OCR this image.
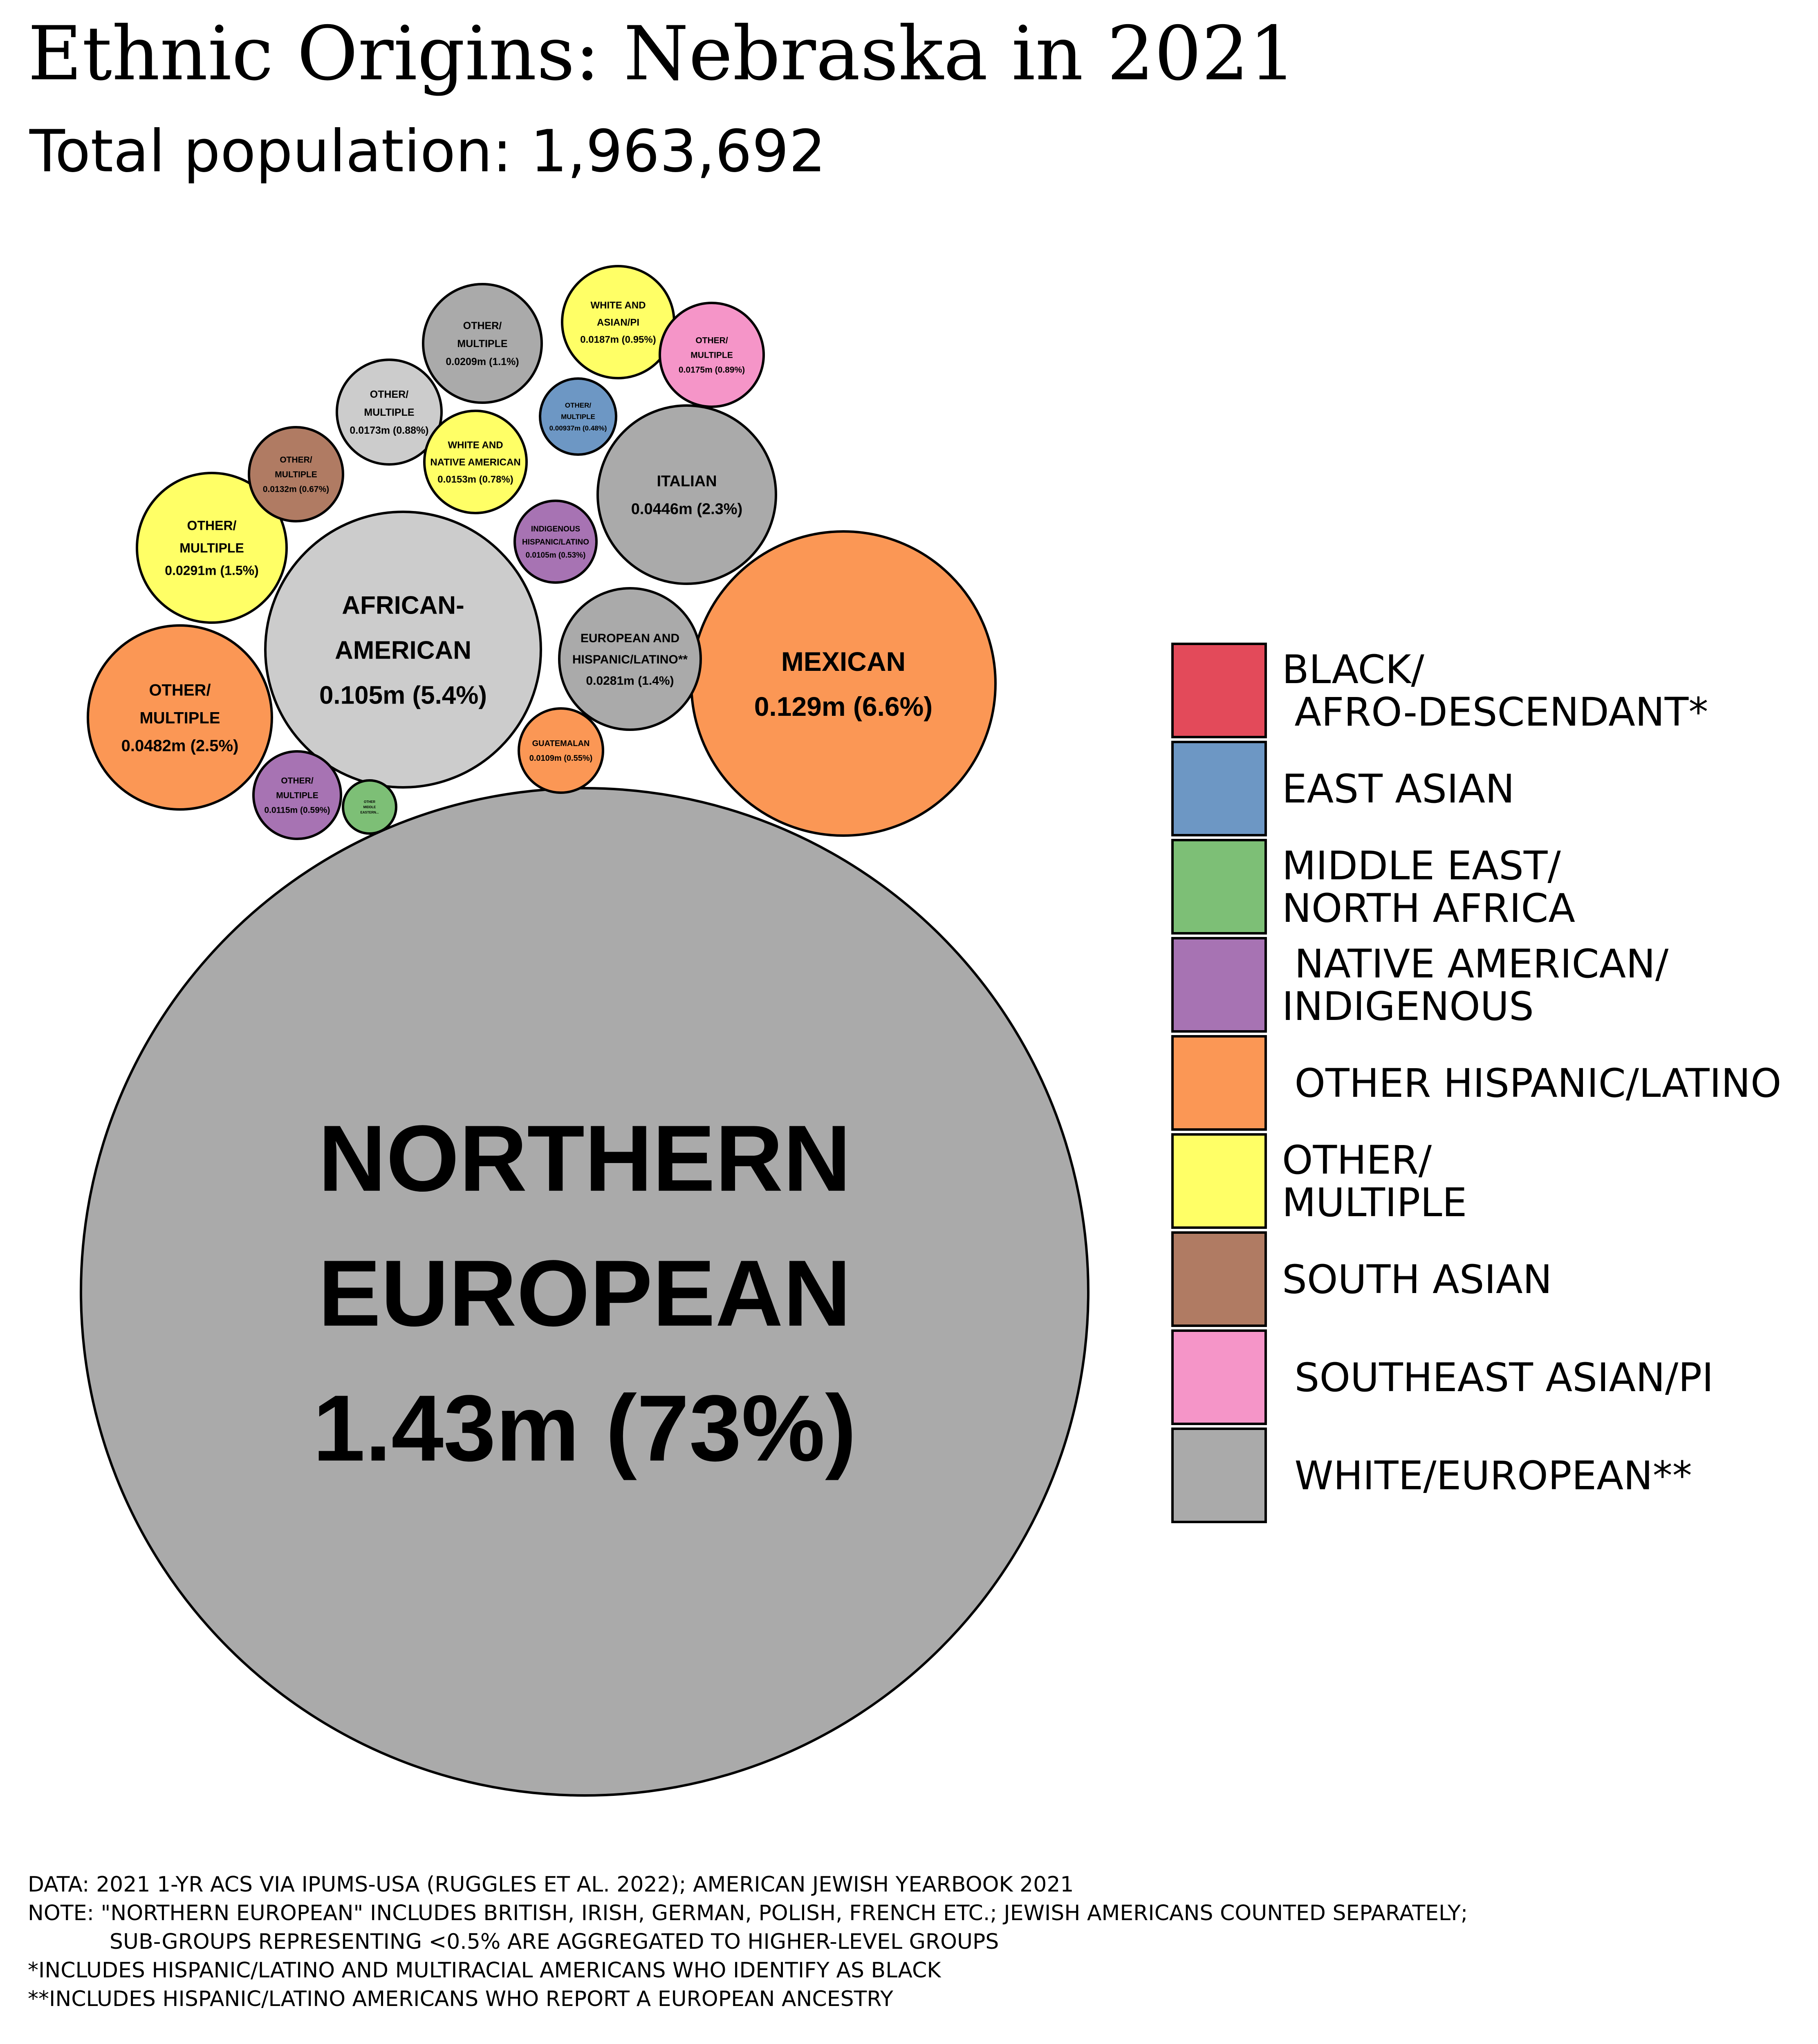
Ethnic Origins: Nebraska in 2021
Total population: 1,963,692
NORTHERN
EUROPEAN
1.43m (73%)
MEXICAN
0.129m (6.6%)
AFRICAN-
AMERICAN
0.105m (5.4%)
OTHER/
MULTIPLE
0.0482m (2.5%)
ITALIAN
0.0446m (2.3%)
OTHER/
MULTIPLE
0.0291m (1.5%)
EUROPEAN AND
HISPANIC/LATINO**
0.0281m (1.4%)
OTHER/
MULTIPLE
0.0209m (1.1%)
WHITE AND
ASIAN/PI
0.0187m (0.95%)	OTHER/
MULTIPLE
0.0175m (0.89%)
OTHER/
MULTIPLE
0.0173m (0.88%)
WHITE AND
NATIVE AMERICAN
0.0153m (0.78%)
OTHER/
MULTIPLE
0.0132m (0.67%)
OTHER/
MULTIPLE
0.0115m (0.59%)
GUATEMALAN
0.0109m (0.55%)
INDIGENOUS
HISPANIC/LATINO
0.0105m (0.53%)
OTHER/
MULTIPLE
0.00937m (0.48%)
OTHER
MIDDLE
EASTERN...
BLACK/
AFRO-DESCENDANT*
EAST ASIAN
MIDDLE EAST/
NORTH AFRICA
NATIVE AMERICAN/
INDIGENOUS
OTHER HISPANIC/LATINO
OTHER/
MULTIPLE
SOUTH ASIAN
SOUTHEAST ASIAN/PI
WHITE/EUROPEAN**
DATA: 2021 1-YR ACS VIA IPUMS-USA (RUGGLES ET AL. 2022); AMERICAN JEWISH YEARBOOK 2021
NOTE: "NORTHERN EUROPEAN" INCLUDES BRITISH, IRISH, GERMAN, POLISH, FRENCH ETC.; JEWISH AMERICANS COUNTED SEPARATELY;
SUB-GROUPS REPRESENTING <0.5% ARE AGGREGATED TO HIGHER-LEVEL GROUPS
*INCLUDES HISPANIC/LATINO AND MULTIRACIAL AMERICANS WHO IDENTIFY AS BLACK
**INCLUDES HISPANIC/LATINO AMERICANS WHO REPORT A EUROPEAN ANCESTRY
